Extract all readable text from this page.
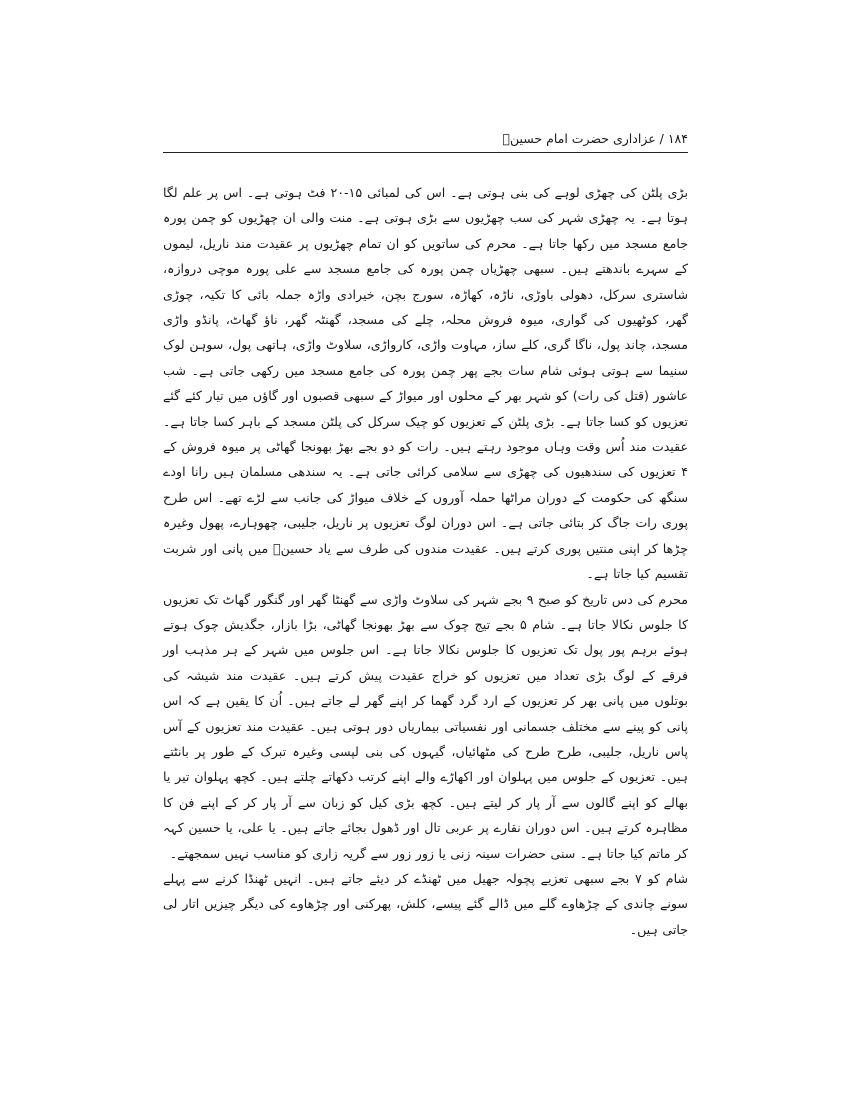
۱۸۴ / عزاداری حضرت امام حسینؑ

بڑی پلٹن کی چھڑی لوہے کی بنی ہوتی ہے۔ اس کی لمبائی ۱۵-۲۰ فٹ ہوتی ہے۔ اس پر علم لگا ہوتا ہے۔ یہ چھڑی شہر کی سب چھڑیوں سے بڑی ہوتی ہے۔ منت والی ان چھڑیوں کو چمن پورہ جامع مسجد میں رکھا جاتا ہے۔ محرم کی ساتویں کو ان تمام چھڑیوں پر عقیدت مند ناریل، لیموں کے سہرے باندھتے ہیں۔ سبھی چھڑیاں چمن پورہ کی جامع مسجد سے علی پورہ موچی دروازہ، شاستری سرکل، دھولی باوڑی، ناڑہ، کھاڑہ، سورج بچن، خیرادی واڑہ جملہ بائی کا تکیہ، چوڑی گھر، کوٹھیوں کی گواری، میوہ فروش محلہ، چلے کی مسجد، گھنٹہ گھر، ناؤ گھاٹ، پانڈو واڑی مسجد، چاند پول، ناگا گری، کلے ساز، مہاوت واڑی، کارواڑی، سلاوٹ واڑی، ہاتھی پول، سوہن لوک سنیما سے ہوتی ہوئی شام سات بجے پھر چمن پورہ کی جامع مسجد میں رکھی جاتی ہے۔ شب عاشور (قتل کی رات) کو شہر بھر کے محلوں اور میواڑ کے سبھی قصبوں اور گاؤں میں تیار کئے گئے تعزیوں کو کسا جاتا ہے۔ بڑی پلٹن کے تعزیوں کو چیک سرکل کی پلٹن مسجد کے باہر کسا جاتا ہے۔ عقیدت مند اُس وقت وہاں موجود رہتے ہیں۔ رات کو دو بجے بھڑ بھونجا گھاٹی پر میوہ فروش کے ۴ تعزیوں کی سندھیوں کی چھڑی سے سلامی کرائی جاتی ہے۔ یہ سندھی مسلمان ہیں رانا اودے سنگھ کی حکومت کے دوران مراٹھا حملہ آوروں کے خلاف میواڑ کی جانب سے لڑے تھے۔ اس طرح پوری رات جاگ کر بتائی جاتی ہے۔ اس دوران لوگ تعزیوں پر ناریل، جلیبی، چھوہارے، پھول وغیرہ چڑھا کر اپنی منتیں پوری کرتے ہیں۔ عقیدت مندوں کی طرف سے یاد حسینؑ میں پانی اور شربت تقسیم کیا جاتا ہے۔

محرم کی دس تاریخ کو صبح ۹ بجے شہر کی سلاوٹ واڑی سے گھنٹا گھر اور گنگور گھاٹ تک تعزیوں کا جلوس نکالا جاتا ہے۔ شام ۵ بجے تیج چوک سے بھڑ بھونجا گھاٹی، بڑا بازار، جگدیش چوک ہوتے ہوئے برہم پور پول تک تعزیوں کا جلوس نکالا جاتا ہے۔ اس جلوس میں شہر کے ہر مذہب اور فرقے کے لوگ بڑی تعداد میں تعزیوں کو خراج عقیدت پیش کرتے ہیں۔ عقیدت مند شیشہ کی بوتلوں میں پانی بھر کر تعزیوں کے ارد گرد گھما کر اپنے گھر لے جاتے ہیں۔ اُن کا یقین ہے کہ اس پانی کو پینے سے مختلف جسمانی اور نفسیاتی بیماریاں دور ہوتی ہیں۔ عقیدت مند تعزیوں کے آس پاس ناریل، جلیبی، طرح طرح کی مٹھائیاں، گیہوں کی بنی لپسی وغیرہ تبرک کے طور پر بانٹتے ہیں۔ تعزیوں کے جلوس میں پہلوان اور اکھاڑے والے اپنے کرتب دکھاتے چلتے ہیں۔ کچھ پہلوان تیر یا بھالے کو اپنے گالوں سے آر پار کر لیتے ہیں۔ کچھ بڑی کیل کو زبان سے آر پار کر کے اپنے فن کا مظاہرہ کرتے ہیں۔ اس دوران نقارے پر عربی تال اور ڈھول بجائے جاتے ہیں۔ یا علی، یا حسین کہہ کر ماتم کیا جاتا ہے۔ سنی حضرات سینہ زنی یا زور زور سے گریہ زاری کو مناسب نہیں سمجھتے۔

شام کو ۷ بجے سبھی تعزیے پچولہ جھیل میں ٹھنڈے کر دیئے جاتے ہیں۔ انہیں ٹھنڈا کرنے سے پہلے سونے چاندی کے چڑھاوے گلے میں ڈالے گئے پیسے، کلش، پھرکنی اور چڑھاوے کی دیگر چیزیں اتار لی جاتی ہیں۔
